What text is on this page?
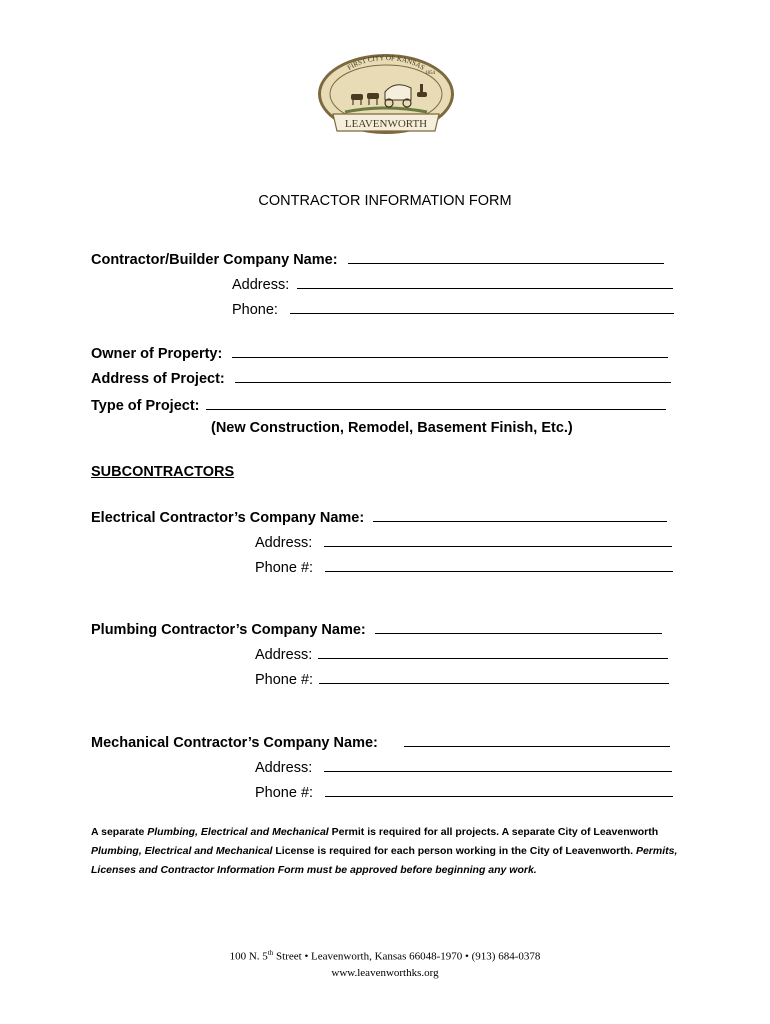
FIRST CITY OF KANSAS
LEAVENWORTH
1854
CONTRACTOR INFORMATION FORM
Contractor/Builder Company Name:
Address:
Phone:
Owner of Property:
Address of Project:
Type of Project:
(New Construction, Remodel, Basement Finish, Etc.)
SUBCONTRACTORS
Electrical Contractor’s Company Name:
Address:
Phone #:
Plumbing Contractor’s Company Name:
Address:
Phone #:
Mechanical Contractor’s Company Name:
Address:
Phone #:
A separate Plumbing, Electrical and Mechanical Permit is required for all projects. A separate City of Leavenworth Plumbing, Electrical and Mechanical License is required for each person working in the City of Leavenworth. Permits, Licenses and Contractor Information Form must be approved before beginning any work.
100 N. 5th Street • Leavenworth, Kansas 66048-1970 • (913) 684-0378
www.leavenworthks.org
